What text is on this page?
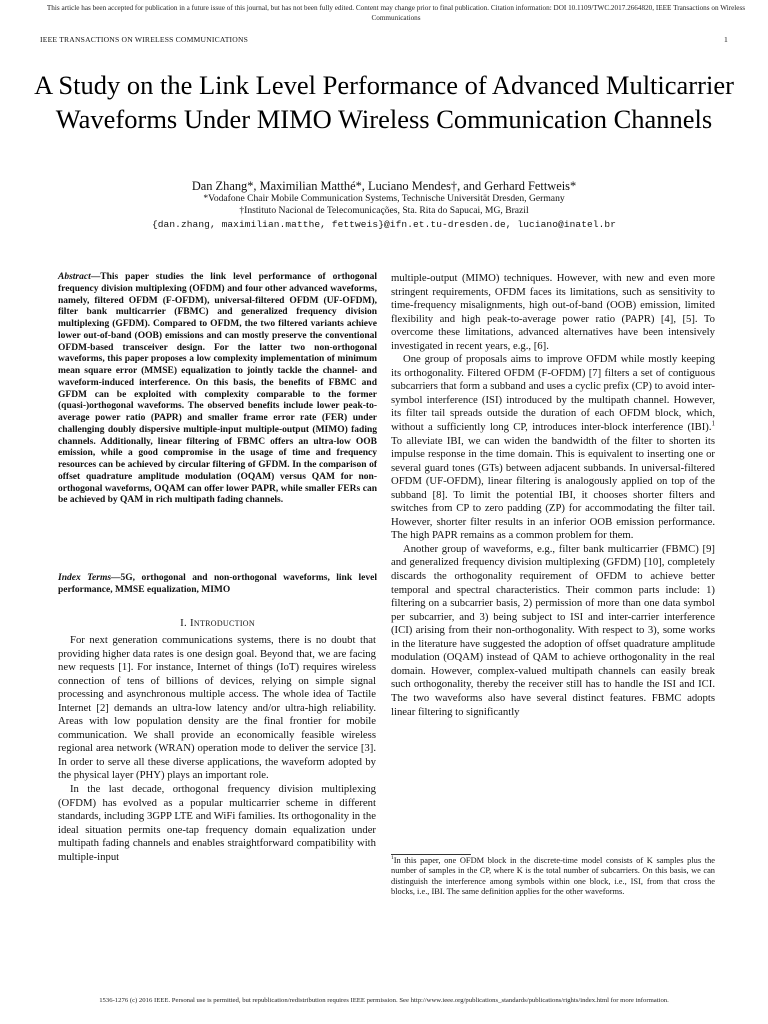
This article has been accepted for publication in a future issue of this journal, but has not been fully edited. Content may change prior to final publication. Citation information: DOI 10.1109/TWC.2017.2664820, IEEE Transactions on Wireless Communications
IEEE TRANSACTIONS ON WIRELESS COMMUNICATIONS	1
A Study on the Link Level Performance of Advanced Multicarrier Waveforms Under MIMO Wireless Communication Channels
Dan Zhang*, Maximilian Matthé*, Luciano Mendes†, and Gerhard Fettweis*
*Vodafone Chair Mobile Communication Systems, Technische Universität Dresden, Germany
†Instituto Nacional de Telecomunicações, Sta. Rita do Sapucai, MG, Brazil
{dan.zhang, maximilian.matthe, fettweis}@ifn.et.tu-dresden.de, luciano@inatel.br
Abstract—This paper studies the link level performance of orthogonal frequency division multiplexing (OFDM) and four other advanced waveforms, namely, filtered OFDM (F-OFDM), universal-filtered OFDM (UF-OFDM), filter bank multicarrier (FBMC) and generalized frequency division multiplexing (GFDM). Compared to OFDM, the two filtered variants achieve lower out-of-band (OOB) emissions and can mostly preserve the conventional OFDM-based transceiver design. For the latter two non-orthogonal waveforms, this paper proposes a low complexity implementation of minimum mean square error (MMSE) equalization to jointly tackle the channel- and waveform-induced interference. On this basis, the benefits of FBMC and GFDM can be exploited with complexity comparable to the former (quasi-)orthogonal waveforms. The observed benefits include lower peak-to-average power ratio (PAPR) and smaller frame error rate (FER) under challenging doubly dispersive multiple-input multiple-output (MIMO) fading channels. Additionally, linear filtering of FBMC offers an ultra-low OOB emission, while a good compromise in the usage of time and frequency resources can be achieved by circular filtering of GFDM. In the comparison of offset quadrature amplitude modulation (OQAM) versus QAM for non-orthogonal waveforms, OQAM can offer lower PAPR, while smaller FERs can be achieved by QAM in rich multipath fading channels.
Index Terms—5G, orthogonal and non-orthogonal waveforms, link level performance, MMSE equalization, MIMO
I. Introduction

For next generation communications systems, there is no doubt that providing higher data rates is one design goal. Beyond that, we are facing new requests [1]. For instance, Internet of things (IoT) requires wireless connection of tens of billions of devices, relying on simple signal processing and asynchronous multiple access. The whole idea of Tactile Internet [2] demands an ultra-low latency and/or ultra-high reliability. Areas with low population density are the final frontier for mobile communication. We shall provide an economically feasible wireless regional area network (WRAN) operation mode to deliver the service [3]. In order to serve all these diverse applications, the waveform adopted by the physical layer (PHY) plays an important role.

In the last decade, orthogonal frequency division multiplexing (OFDM) has evolved as a popular multicarrier scheme in different standards, including 3GPP LTE and WiFi families. Its orthogonality in the ideal situation permits one-tap frequency domain equalization under multipath fading channels and enables straightforward compatibility with multiple-input

multiple-output (MIMO) techniques. However, with new and even more stringent requirements, OFDM faces its limitations, such as sensitivity to time-frequency misalignments, high out-of-band (OOB) emission, limited flexibility and high peak-to-average power ratio (PAPR) [4], [5]. To overcome these limitations, advanced alternatives have been intensively investigated in recent years, e.g., [6].

One group of proposals aims to improve OFDM while mostly keeping its orthogonality. Filtered OFDM (F-OFDM) [7] filters a set of contiguous subcarriers that form a subband and uses a cyclic prefix (CP) to avoid inter-symbol interference (ISI) introduced by the multipath channel. However, its filter tail spreads outside the duration of each OFDM block, which, without a sufficiently long CP, introduces inter-block interference (IBI).$^1$ To alleviate IBI, we can widen the bandwidth of the filter to shorten its impulse response in the time domain. This is equivalent to inserting one or several guard tones (GTs) between adjacent subbands. In universal-filtered OFDM (UF-OFDM), linear filtering is analogously applied on top of the subband [8]. To limit the potential IBI, it chooses shorter filters and switches from CP to zero padding (ZP) for accommodating the filter tail. However, shorter filter results in an inferior OOB emission performance. The high PAPR remains as a common problem for them.

Another group of waveforms, e.g., filter bank multicarrier (FBMC) [9] and generalized frequency division multiplexing (GFDM) [10], completely discards the orthogonality requirement of OFDM to achieve better temporal and spectral characteristics. Their common parts include: 1) filtering on a subcarrier basis, 2) permission of more than one data symbol per subcarrier, and 3) being subject to ISI and inter-carrier interference (ICI) arising from their non-orthogonality. With respect to 3), some works in the literature have suggested the adoption of offset quadrature amplitude modulation (OQAM) instead of QAM to achieve orthogonality in the real domain. However, complex-valued multipath channels can easily break such orthogonality, thereby the receiver still has to handle the ISI and ICI. The two waveforms also have several distinct features. FBMC adopts linear filtering to significantly

$^1$In this paper, one OFDM block in the discrete-time model consists of K samples plus the number of samples in the CP, where K is the total number of subcarriers. On this basis, we can distinguish the interference among symbols within one block, i.e., ISI, from that cross the blocks, i.e., IBI. The same definition applies for the other waveforms.
1536-1276 (c) 2016 IEEE. Personal use is permitted, but republication/redistribution requires IEEE permission. See http://www.ieee.org/publications_standards/publications/rights/index.html for more information.
